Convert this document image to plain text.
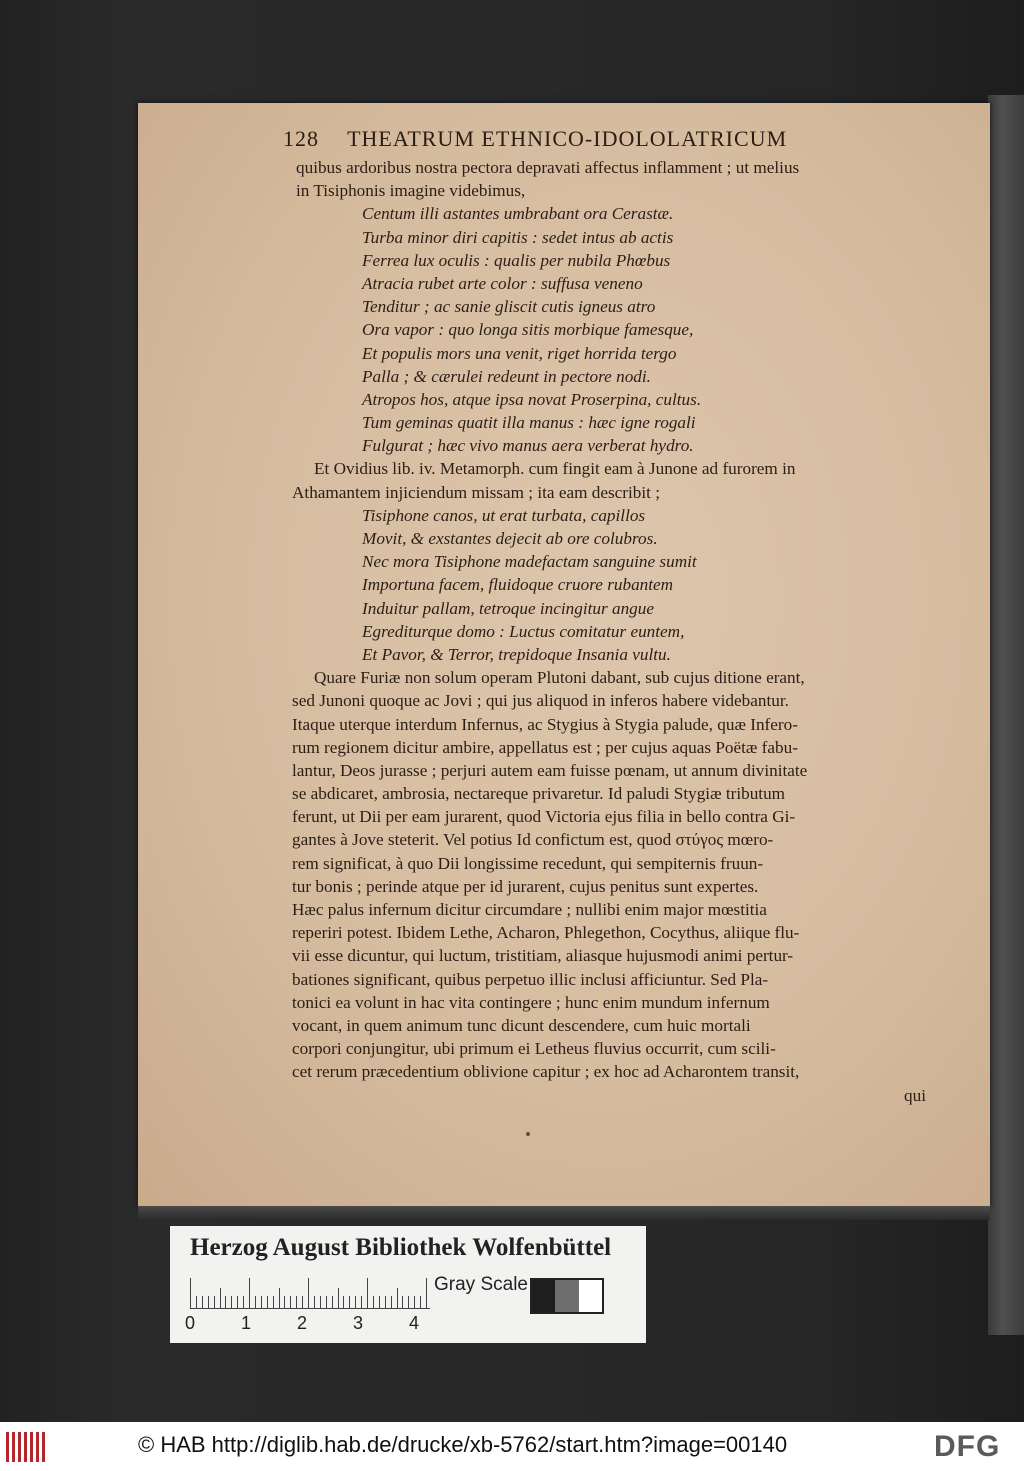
128 THEATRUM ETHNICO-IDOLOLATRICUM
quibus ardoribus nostra pectora depravati affectus inflamment ; ut melius
in Tisiphonis imagine videbimus,
Centum illi astantes umbrabant ora Cerastæ.
Turba minor diri capitis : sedet intus ab actis
Ferrea lux oculis : qualis per nubila Phœbus
Atracia rubet arte color : suffusa veneno
Tenditur ; ac sanie gliscit cutis igneus atro
Ora vapor : quo longa sitis morbique famesque,
Et populis mors una venit, riget horrida tergo
Palla ; & cærulei redeunt in pectore nodi.
Atropos hos, atque ipsa novat Proserpina, cultus.
Tum geminas quatit illa manus : hæc igne rogali
Fulgurat ; hæc vivo manus aera verberat hydro.
Et Ovidius lib. iv. Metamorph. cum fingit eam à Junone ad furorem in
Athamantem injiciendum missam ; ita eam describit ;
Tisiphone canos, ut erat turbata, capillos
Movit, & exstantes dejecit ab ore colubros.
Nec mora Tisiphone madefactam sanguine sumit
Importuna facem, fluidoque cruore rubantem
Induitur pallam, tetroque incingitur angue
Egrediturque domo : Luctus comitatur euntem,
Et Pavor, & Terror, trepidoque Insania vultu.
Quare Furiæ non solum operam Plutoni dabant, sub cujus ditione erant,
sed Junoni quoque ac Jovi ; qui jus aliquod in inferos habere videbantur.
Itaque uterque interdum Infernus, ac Stygius à Stygia palude, quæ Infero-
rum regionem dicitur ambire, appellatus est ; per cujus aquas Poëtæ fabu-
lantur, Deos jurasse ; perjuri autem eam fuisse pœnam, ut annum divinitate
se abdicaret, ambrosia, nectareque privaretur. Id paludi Stygiæ tributum
ferunt, ut Dii per eam jurarent, quod Victoria ejus filia in bello contra Gi-
gantes à Jove steterit. Vel potius Id confictum est, quod στύγος mœro-
rem significat, à quo Dii longissime recedunt, qui sempiternis fruun-
tur bonis ; perinde atque per id jurarent, cujus penitus sunt expertes.
Hæc palus infernum dicitur circumdare ; nullibi enim major mœstitia
reperiri potest. Ibidem Lethe, Acharon, Phlegethon, Cocythus, aliique flu-
vii esse dicuntur, qui luctum, tristitiam, aliasque hujusmodi animi pertur-
bationes significant, quibus perpetuo illic inclusi afficiuntur. Sed Pla-
tonici ea volunt in hac vita contingere ; hunc enim mundum infernum
vocant, in quem animum tunc dicunt descendere, cum huic mortali
corpori conjungitur, ubi primum ei Letheus fluvius occurrit, cum scili-
cet rerum præcedentium oblivione capitur ; ex hoc ad Acharontem transit,
qui
Herzog August Bibliothek Wolfenbüttel
0	1	2	3	4
Gray Scale
© HAB http://diglib.hab.de/drucke/xb-5762/start.htm?image=00140	DFG
